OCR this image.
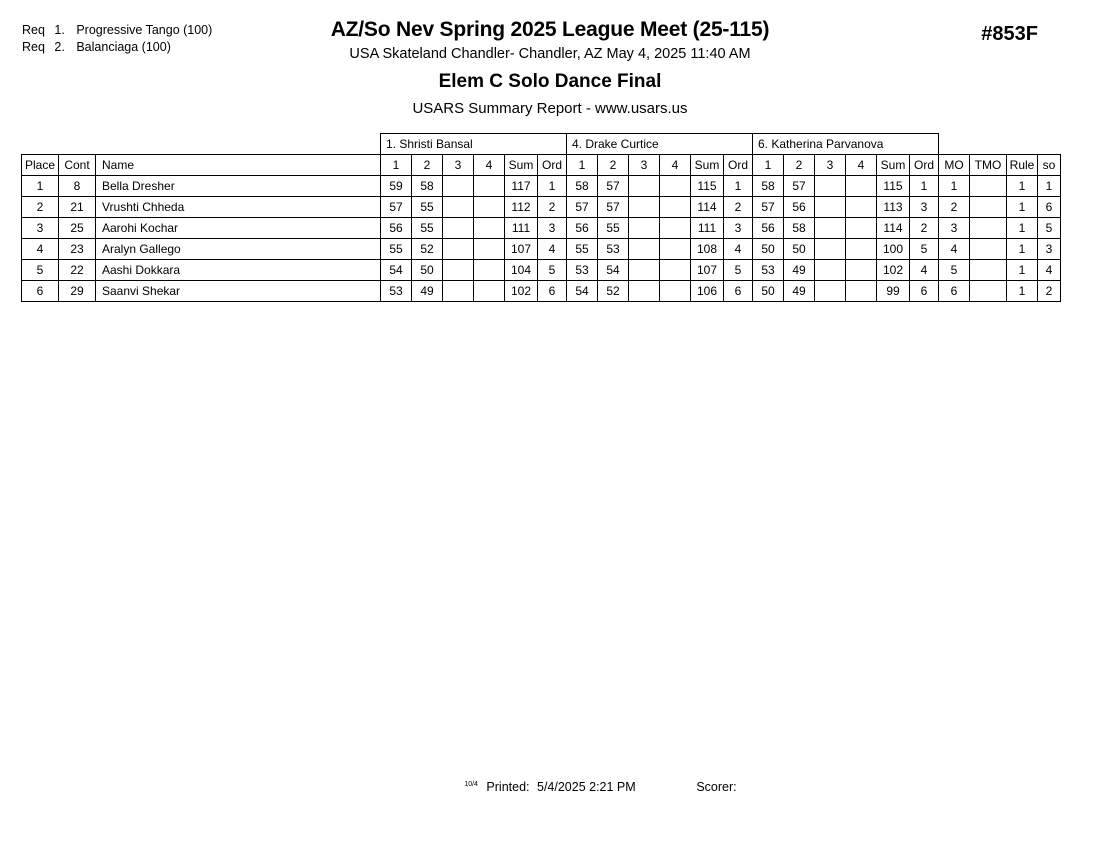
Req 1. Progressive Tango (100)
Req 2. Balanciaga (100)
AZ/So Nev Spring 2025 League Meet (25-115)
USA Skateland Chandler- Chandler, AZ May 4, 2025 11:40 AM
Elem C Solo Dance Final
USARS Summary Report - www.usars.us
#853F
			1. Shristi Bansal						4. Drake Curtice						6. Katherina Parvanova									
Place	Cont	Name	1	2	3	4	Sum	Ord	1	2	3	4	Sum	Ord	1	2	3	4	Sum	Ord	MO	TMO	Rule	so
1	8	Bella Dresher	59	58			117	1	58	57			115	1	58	57			115	1	1		1	1
2	21	Vrushti Chheda	57	55			112	2	57	57			114	2	57	56			113	3	2		1	6
3	25	Aarohi Kochar	56	55			111	3	56	55			111	3	56	58			114	2	3		1	5
4	23	Aralyn Gallego	55	52			107	4	55	53			108	4	50	50			100	5	4		1	3
5	22	Aashi Dokkara	54	50			104	5	53	54			107	5	53	49			102	4	5		1	4
6	29	Saanvi Shekar	53	49			102	6	54	52			106	6	50	49			99	6	6		1	2
$^{10/4}$ Printed: 5/4/2025 2:21 PM	Scorer:
